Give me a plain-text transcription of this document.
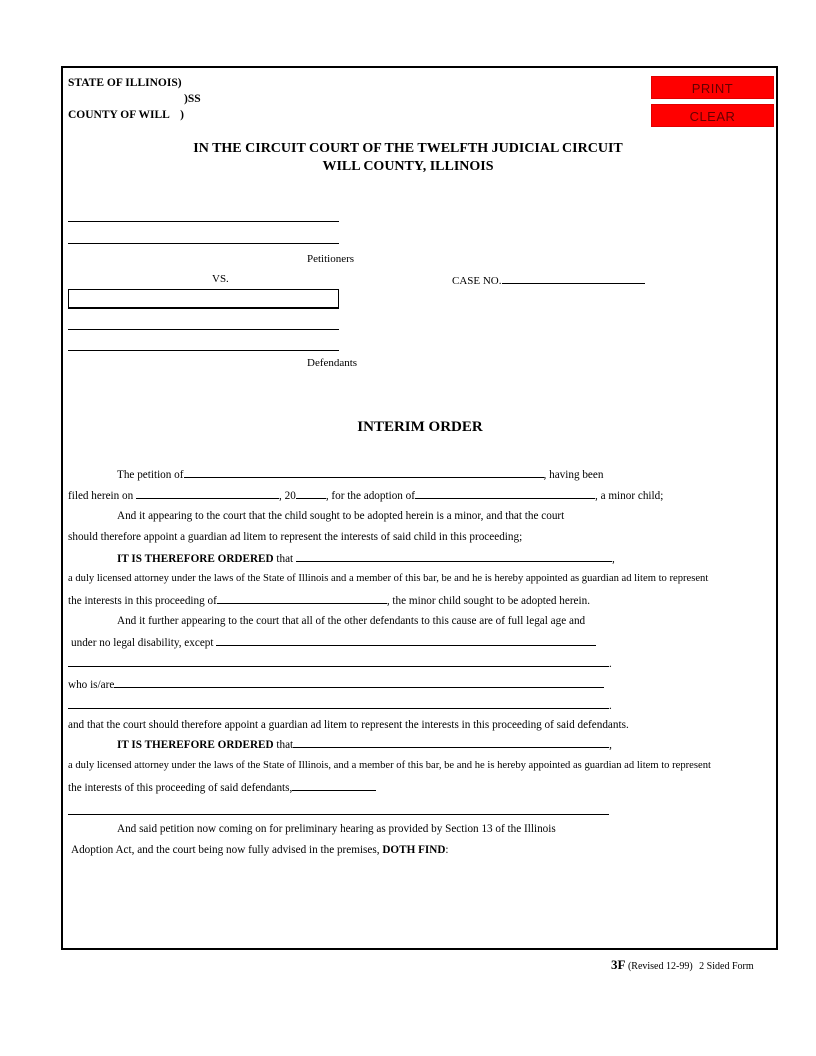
STATE OF ILLINOIS)
)SS
COUNTY OF WILL )
PRINT
CLEAR
IN THE CIRCUIT COURT OF THE TWELFTH JUDICIAL CIRCUIT
WILL COUNTY, ILLINOIS
Petitioners
VS.	CASE NO.
Defendants
INTERIM ORDER
The petition of	, having been
filed herein on	, 20	, for the adoption of	, a minor child;
And it appearing to the court that the child sought to be adopted herein is a minor, and that the court
should therefore appoint a guardian ad litem to represent the interests of said child in this proceeding;
IT IS THEREFORE ORDERED that	,
a duly licensed attorney under the laws of the State of Illinois and a member of this bar, be and he is hereby appointed as guardian ad litem to represent
the interests in this proceeding of	, the minor child sought to be adopted herein.
And it further appearing to the court that all of the other defendants to this cause are of full legal age and
under no legal disability, except
.
who is/are
.
and that the court should therefore appoint a guardian ad litem to represent the interests in this proceeding of said defendants.
IT IS THEREFORE ORDERED that	,
a duly licensed attorney under the laws of the State of Illinois, and a member of this bar, be and he is hereby appointed as guardian ad litem to represent
the interests of this proceeding of said defendants,
And said petition now coming on for preliminary hearing as provided by Section 13 of the Illinois
Adoption Act, and the court being now fully advised in the premises, DOTH FIND:
3F (Revised 12-99) 2 Sided Form
